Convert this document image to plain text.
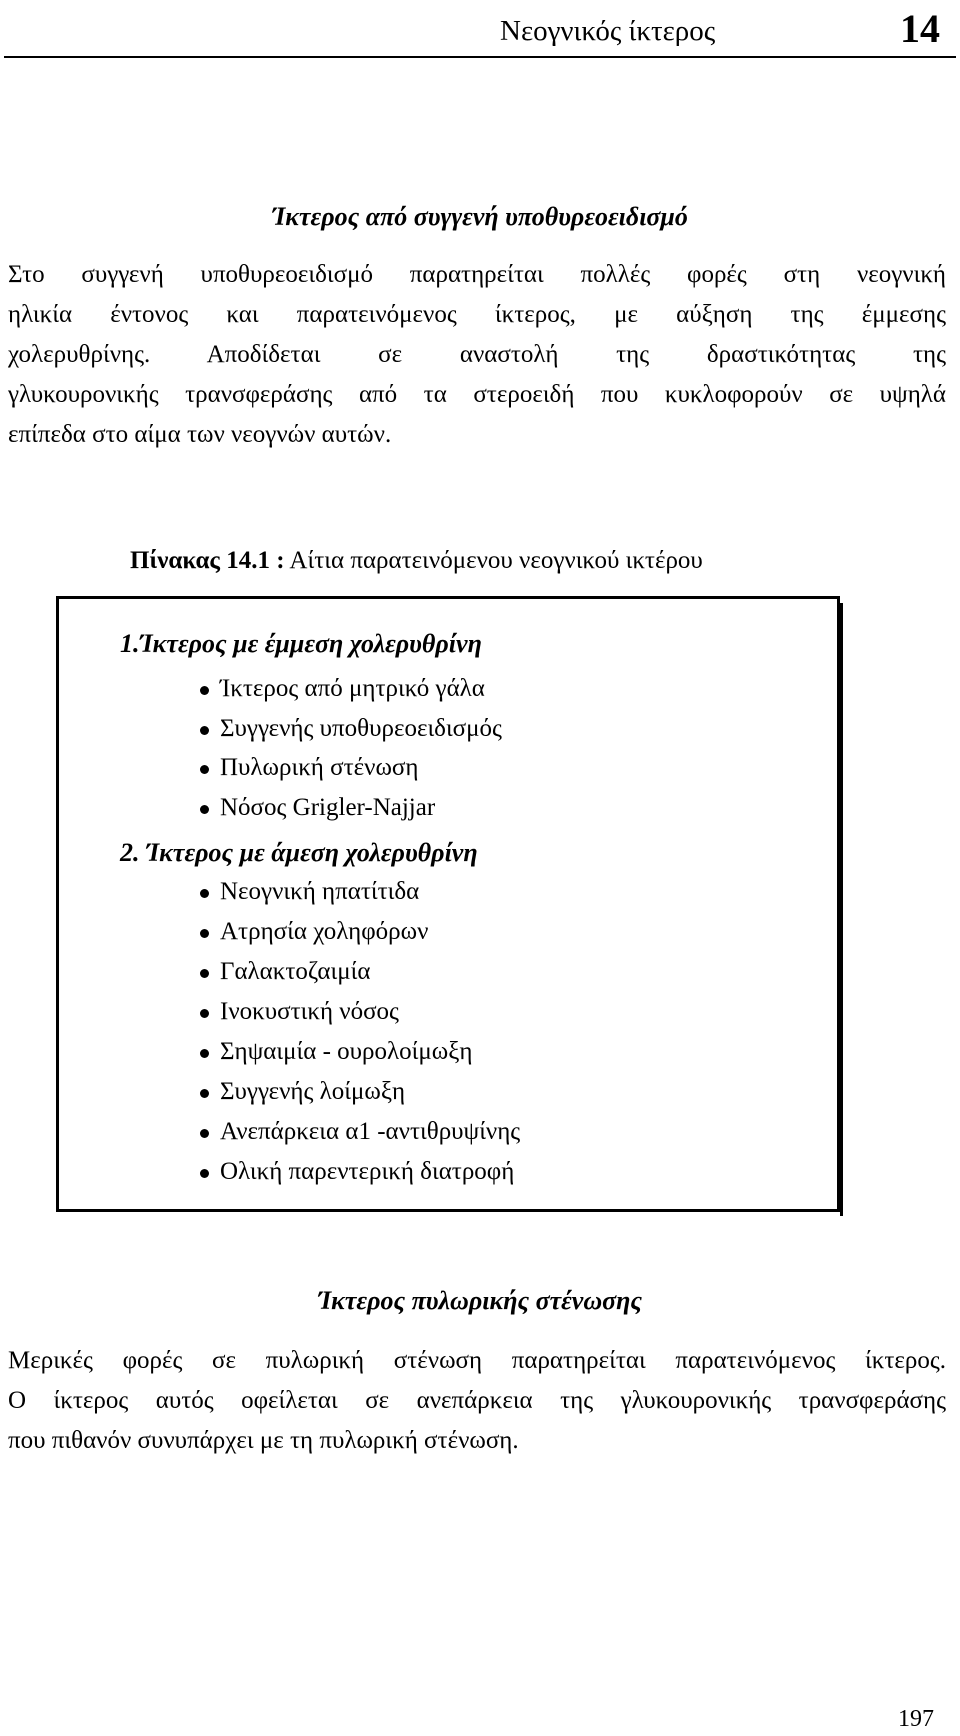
Νεογνικός ίκτερος	14
Ίκτερος από συγγενή υποθυρεοειδισμό
Στο συγγενή υποθυρεοειδισμό παρατηρείται πολλές φορές στη νεογνική
ηλικία έντονος και παρατεινόμενος ίκτερος, με αύξηση της έμμεσης
χολερυθρίνης. Αποδίδεται σε αναστολή της δραστικότητας της
γλυκουρονικής τρανσφεράσης από τα στεροειδή που κυκλοφορούν σε υψηλά
επίπεδα στο αίμα των νεογνών αυτών.
Πίνακας 14.1 : Αίτια παρατεινόμενου νεογνικού ικτέρου
1.Ίκτερος με έμμεση χολερυθρίνη
Ίκτερος από μητρικό γάλα
Συγγενής υποθυρεοειδισμός
Πυλωρική στένωση
Νόσος Grigler-Najjar
2. Ίκτερος με άμεση χολερυθρίνη
Νεογνική ηπατίτιδα
Ατρησία χοληφόρων
Γαλακτοζαιμία
Ινοκυστική νόσος
Σηψαιμία - ουρολοίμωξη
Συγγενής λοίμωξη
Ανεπάρκεια α1 -αντιθρυψίνης
Ολική παρεντερική διατροφή
Ίκτερος πυλωρικής στένωσης
Μερικές φορές σε πυλωρική στένωση παρατηρείται παρατεινόμενος ίκτερος.
Ο ίκτερος αυτός οφείλεται σε ανεπάρκεια της γλυκουρονικής τρανσφεράσης
που πιθανόν συνυπάρχει με τη πυλωρική στένωση.
197
